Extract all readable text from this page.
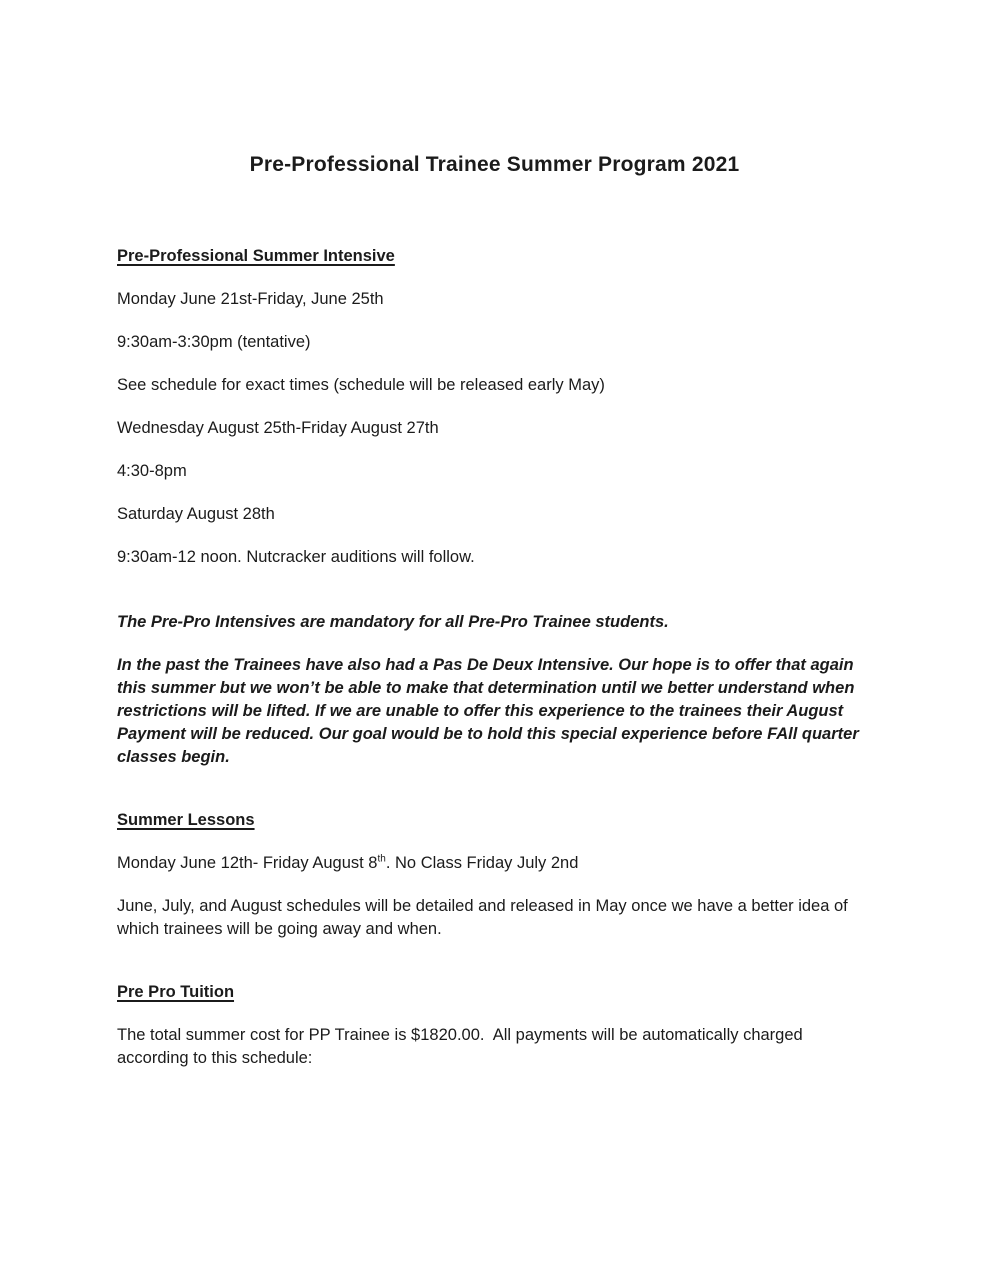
Pre-Professional Trainee Summer Program 2021
Pre-Professional Summer Intensive

Monday June 21st-Friday, June 25th

9:30am-3:30pm (tentative)

See schedule for exact times (schedule will be released early May)

Wednesday August 25th-Friday August 27th

4:30-8pm

Saturday August 28th

9:30am-12 noon. Nutcracker auditions will follow.

The Pre-Pro Intensives are mandatory for all Pre-Pro Trainee students.

In the past the Trainees have also had a Pas De Deux Intensive. Our hope is to offer that again this summer but we won’t be able to make that determination until we better understand when restrictions will be lifted. If we are unable to offer this experience to the trainees their August Payment will be reduced. Our goal would be to hold this special experience before FAll quarter classes begin.

Summer Lessons

Monday June 12th- Friday August 8th. No Class Friday July 2nd

June, July, and August schedules will be detailed and released in May once we have a better idea of which trainees will be going away and when.

Pre Pro Tuition

The total summer cost for PP Trainee is $1820.00.  All payments will be automatically charged according to this schedule:
